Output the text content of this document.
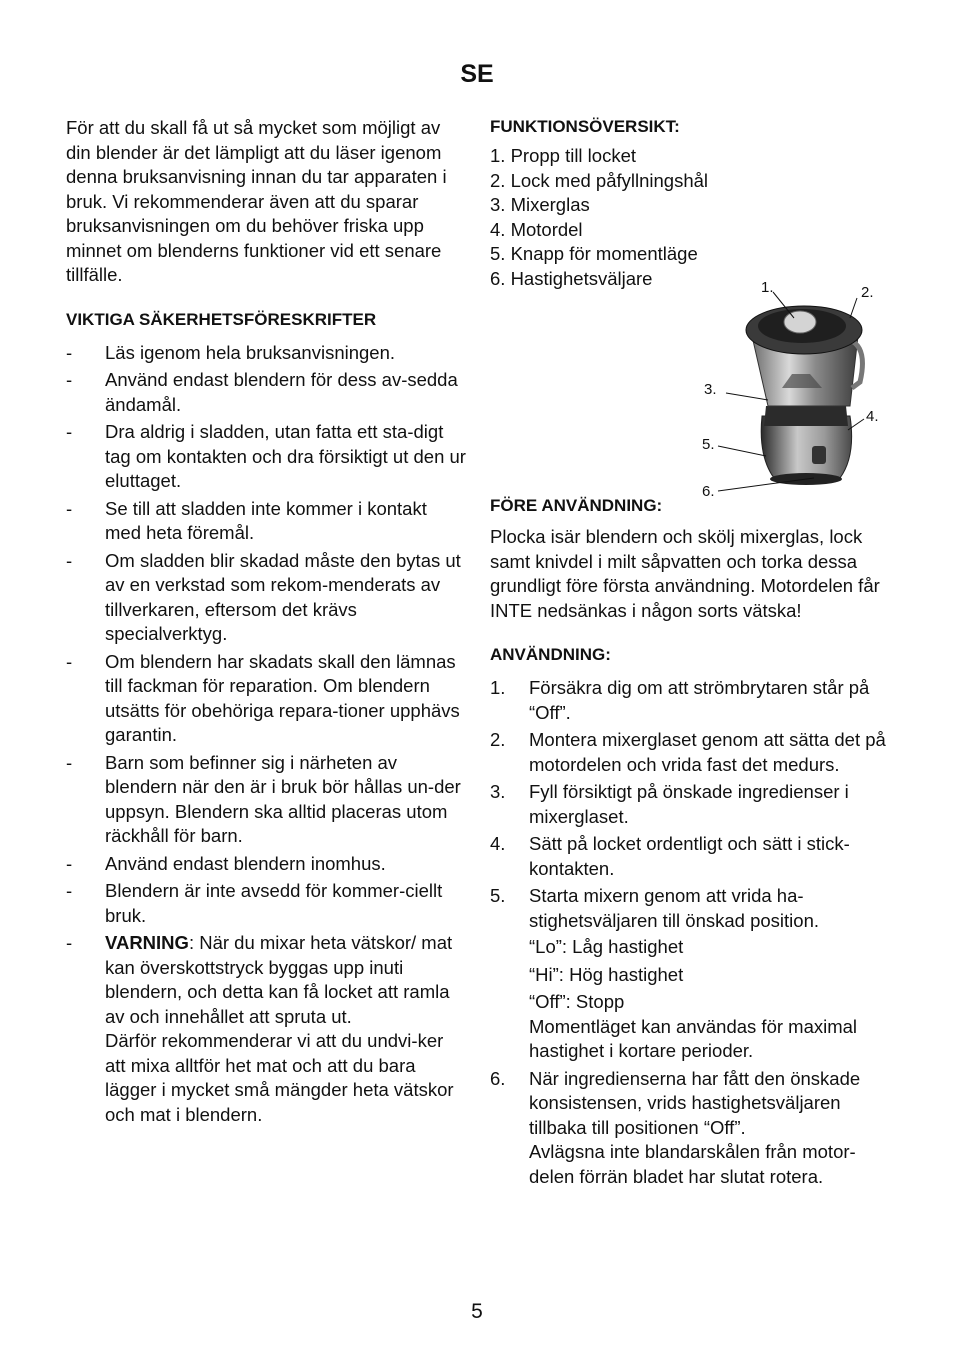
SE

För att du skall få ut så mycket som möjligt av din blender är det lämpligt att du läser igenom denna bruksanvisning innan du tar apparaten i bruk. Vi rekommenderar även att du sparar bruksanvisningen om du behöver friska upp minnet om blenderns funktioner vid ett senare tillfälle.

VIKTIGA SÄKERHETSFÖRESKRIFTER

- Läs igenom hela bruksanvisningen.
- Använd endast blendern för dess av-sedda ändamål.
- Dra aldrig i sladden, utan fatta ett sta-digt tag om kontakten och dra försiktigt ut den ur eluttaget.
- Se till att sladden inte kommer i kontakt med heta föremål.
- Om sladden blir skadad måste den bytas ut av en verkstad som rekom-menderats av tillverkaren, eftersom det krävs specialverktyg.
- Om blendern har skadats skall den lämnas till fackman för reparation. Om blendern utsätts för obehöriga repara-tioner upphävs garantin.
- Barn som befinner sig i närheten av blendern när den är i bruk bör hållas un-der uppsyn. Blendern ska alltid placeras utom räckhåll för barn.
- Använd endast blendern inomhus.
- Blendern är inte avsedd för kommer-ciellt bruk.
- VARNING: När du mixar heta vätskor/ mat kan överskottstryck byggas upp inuti blendern, och detta kan få locket att ramla av och innehållet att spruta ut.
Därför rekommenderar vi att du undvi-ker att mixa alltför het mat och att du bara lägger i mycket små mängder heta vätskor och mat i blendern.

FUNKTIONSÖVERSIKT:

1. Propp till locket
2. Lock med påfyllningshål
3. Mixerglas
4. Motordel
5. Knapp för momentläge
6. Hastighetsväljare

FÖRE ANVÄNDNING:

Plocka isär blendern och skölj mixerglas, lock samt knivdel i milt såpvatten och torka dessa grundligt före första användning. Motordelen får INTE nedsänkas i någon sorts vätska!

ANVÄNDNING:

1. Försäkra dig om att strömbrytaren står på “Off”.
2. Montera mixerglaset genom att sätta det på motordelen och vrida fast det medurs.
3. Fyll försiktigt på önskade ingredienser i mixerglaset.
4. Sätt på locket ordentligt och sätt i stick-kontakten.
5. Starta mixern genom att vrida ha-stighetsväljaren till önskad position.
“Lo”: Låg hastighet
“Hi”: Hög hastighet
“Off”: Stopp
Momentläget kan användas för maximal hastighet i kortare perioder.
6. När ingredienserna har fått den önskade konsistensen, vrids hastighetsväljaren tillbaka till positionen “Off”.
Avlägsna inte blandarskålen från motor-delen förrän bladet har slutat rotera.
1.	2.
3.
4.
5.
6.
5
